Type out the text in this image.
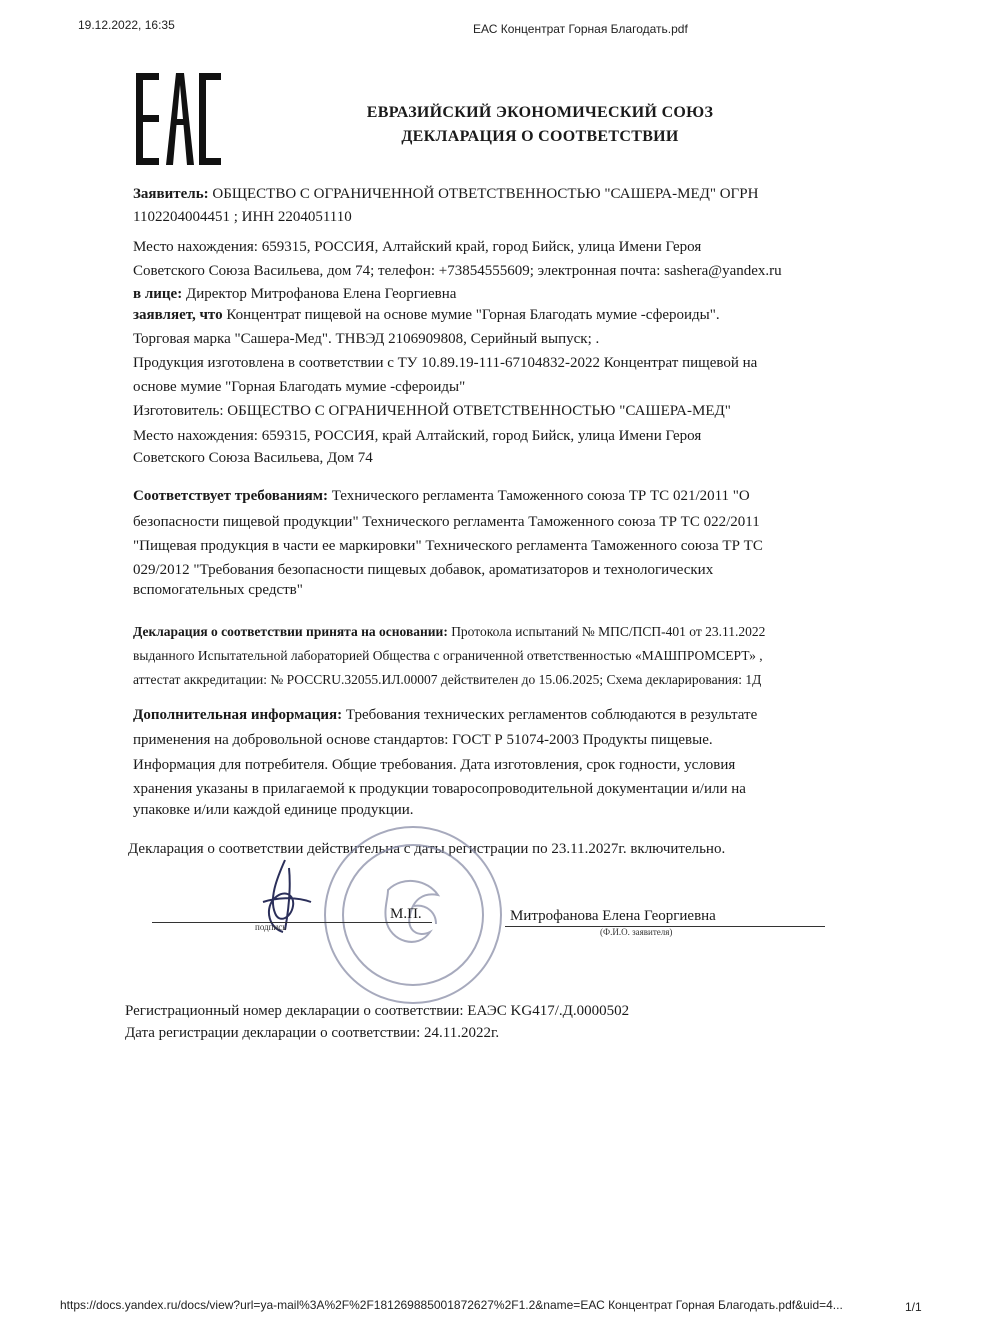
19.12.2022, 16:35	ЕАС Концентрат Горная Благодать.pdf
ЕВРАЗИЙСКИЙ ЭКОНОМИЧЕСКИЙ СОЮЗ
ДЕКЛАРАЦИЯ О СООТВЕТСТВИИ
Заявитель: ОБЩЕСТВО С ОГРАНИЧЕННОЙ ОТВЕТСТВЕННОСТЬЮ "САШЕРА-МЕД" ОГРН
1102204004451 ; ИНН 2204051110
Место нахождения: 659315, РОССИЯ, Алтайский край, город Бийск, улица Имени Героя
Советского Союза Васильева, дом 74; телефон: +73854555609; электронная почта: sashera@yandex.ru
в лице: Директор Митрофанова Елена Георгиевна
заявляет, что Концентрат пищевой на основе мумие "Горная Благодать мумие -сфероиды".
Торговая марка "Сашера-Мед". ТНВЭД 2106909808, Серийный выпуск; .
Продукция изготовлена в соответствии с ТУ 10.89.19-111-67104832-2022 Концентрат пищевой на
основе мумие "Горная Благодать мумие -сфероиды"
Изготовитель: ОБЩЕСТВО С ОГРАНИЧЕННОЙ ОТВЕТСТВЕННОСТЬЮ "САШЕРА-МЕД"
Место нахождения: 659315, РОССИЯ, край Алтайский, город Бийск, улица Имени Героя
Советского Союза Васильева, Дом 74
Соответствует требованиям: Технического регламента Таможенного союза ТР ТС 021/2011 "О
безопасности пищевой продукции" Технического регламента Таможенного союза ТР ТС 022/2011
"Пищевая продукция в части ее маркировки" Технического регламента Таможенного союза ТР ТС
029/2012 "Требования безопасности пищевых добавок, ароматизаторов и технологических
вспомогательных средств"
Декларация о соответствии принята на основании: Протокола испытаний № МПС/ПСП-401 от 23.11.2022
выданного Испытательной лабораторией Общества с ограниченной ответственностью «МАШПРОМСЕРТ» ,
аттестат аккредитации: № РОССRU.32055.ИЛ.00007 действителен до 15.06.2025; Схема декларирования: 1Д
Дополнительная информация: Требования технических регламентов соблюдаются в результате
применения на добровольной основе стандартов: ГОСТ Р 51074-2003 Продукты пищевые.
Информация для потребителя. Общие требования. Дата изготовления, срок годности, условия
хранения указаны в прилагаемой к продукции товаросопроводительной документации и/или на
упаковке и/или каждой единице продукции.
Декларация о соответствии действительна с даты регистрации по 23.11.2027г. включительно.
М.П.	Митрофанова Елена Георгиевна
подпись	(Ф.И.О. заявителя)
Регистрационный номер декларации о соответствии: ЕАЭС KG417/.Д.0000502
Дата регистрации декларации о соответствии: 24.11.2022г.
https://docs.yandex.ru/docs/view?url=ya-mail%3A%2F%2F181269885001872627%2F1.2&name=ЕАС Концентрат Горная Благодать.pdf&uid=4...	1/1
